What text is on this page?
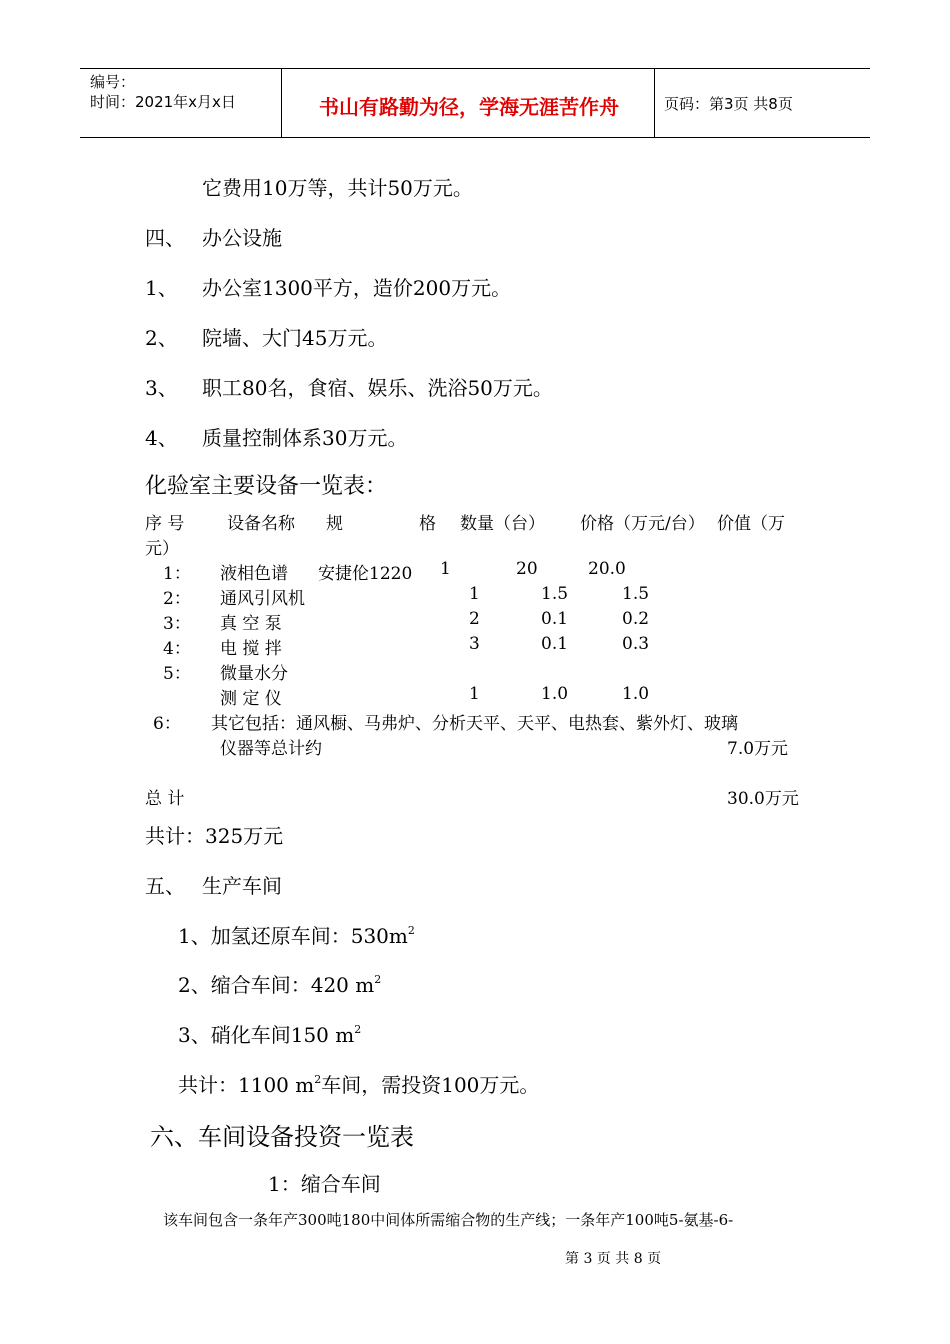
编号：
时间：2021年x月x日	书山有路勤为径，学海无涯苦作舟	页码：第3页 共8页
它费用10万等，共计50万元。
四、 办公设施
1、 办公室1300平方，造价200万元。
2、 院墙、大门45万元。
3、 职工80名，食宿、娱乐、洗浴50万元。
4、 质量控制体系30万元。
化验室主要设备一览表：
序 号	设备名称 规	格 数量（台） 价格（万元/台） 价值（万
元）
1： 液相色谱 安捷伦1220 1	20	20.0
2： 通风引风机	1	1.5	1.5
3： 真 空 泵	2	0.1	0.2
4： 电 搅 拌	3	0.1	0.3
5： 微量水分
测 定 仪	1	1.0	1.0
6： 其它包括：通风橱、马弗炉、分析天平、天平、电热套、紫外灯、玻璃
仪器等总计约	7.0万元
总 计	30.0万元
共计：325万元
五、 生产车间
1、加氢还原车间：$530m^2$
2、缩合车间：420 $m^2$
3、硝化车间150 $m^2$
共计：1100 $m^2$车间，需投资100万元。
六、车间设备投资一览表
1：缩合车间
该车间包含一条年产300吨180中间体所需缩合物的生产线；一条年产100吨5-氨基-6-
第 3 页 共 8 页
